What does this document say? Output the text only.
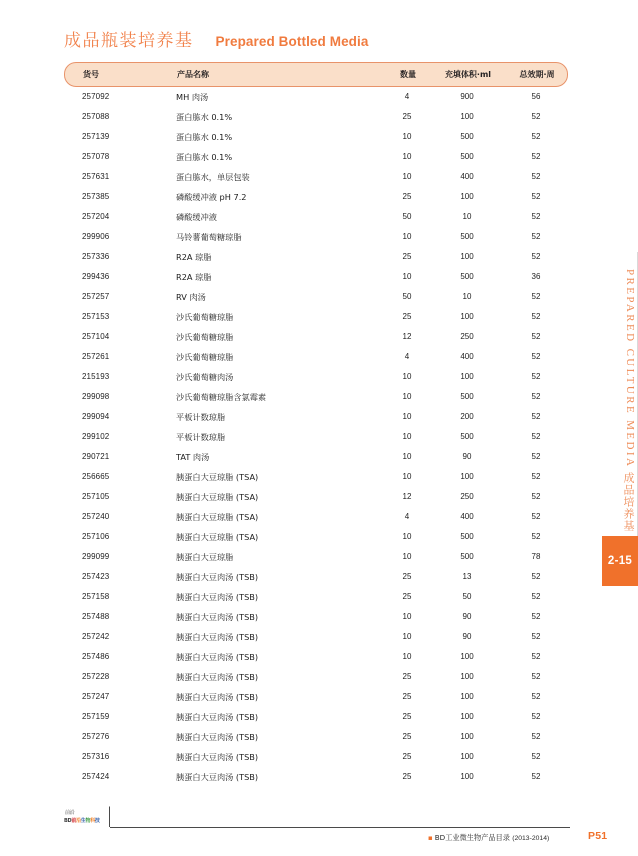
成品瓶装培养基 Prepared Bottled Media
货号	产品名称	数量	充填体积·ml	总效期·周
257092	MH 肉汤	4	900	56
257088	蛋白胨水 0.1%	25	100	52
257139	蛋白胨水 0.1%	10	500	52
257078	蛋白胨水 0.1%	10	500	52
257631	蛋白胨水，单层包装	10	400	52
257385	磷酸缓冲液 pH 7.2	25	100	52
257204	磷酸缓冲液	50	10	52
299906	马铃薯葡萄糖琼脂	10	500	52
257336	R2A 琼脂	25	100	52
299436	R2A 琼脂	10	500	36
257257	RV 肉汤	50	10	52
257153	沙氏葡萄糖琼脂	25	100	52
257104	沙氏葡萄糖琼脂	12	250	52
257261	沙氏葡萄糖琼脂	4	400	52
215193	沙氏葡萄糖肉汤	10	100	52
299098	沙氏葡萄糖琼脂含氯霉素	10	500	52
299094	平板计数琼脂	10	200	52
299102	平板计数琼脂	10	500	52
290721	TAT 肉汤	10	90	52
256665	胰蛋白大豆琼脂 (TSA)	10	100	52
257105	胰蛋白大豆琼脂 (TSA)	12	250	52
257240	胰蛋白大豆琼脂 (TSA)	4	400	52
257106	胰蛋白大豆琼脂 (TSA)	10	500	52
299099	胰蛋白大豆琼脂	10	500	78
257423	胰蛋白大豆肉汤 (TSB)	25	13	52
257158	胰蛋白大豆肉汤 (TSB)	25	50	52
257488	胰蛋白大豆肉汤 (TSB)	10	90	52
257242	胰蛋白大豆肉汤 (TSB)	10	90	52
257486	胰蛋白大豆肉汤 (TSB)	10	100	52
257228	胰蛋白大豆肉汤 (TSB)	25	100	52
257247	胰蛋白大豆肉汤 (TSB)	25	100	52
257159	胰蛋白大豆肉汤 (TSB)	25	100	52
257276	胰蛋白大豆肉汤 (TSB)	25	100	52
257316	胰蛋白大豆肉汤 (TSB)	25	100	52
257424	胰蛋白大豆肉汤 (TSB)	25	100	52
PREPARED CULTURE MEDIA
成品培养基
2-15
前沿
BD前沿生物科技
▪ BD工业微生物产品目录 (2013-2014)	P51
